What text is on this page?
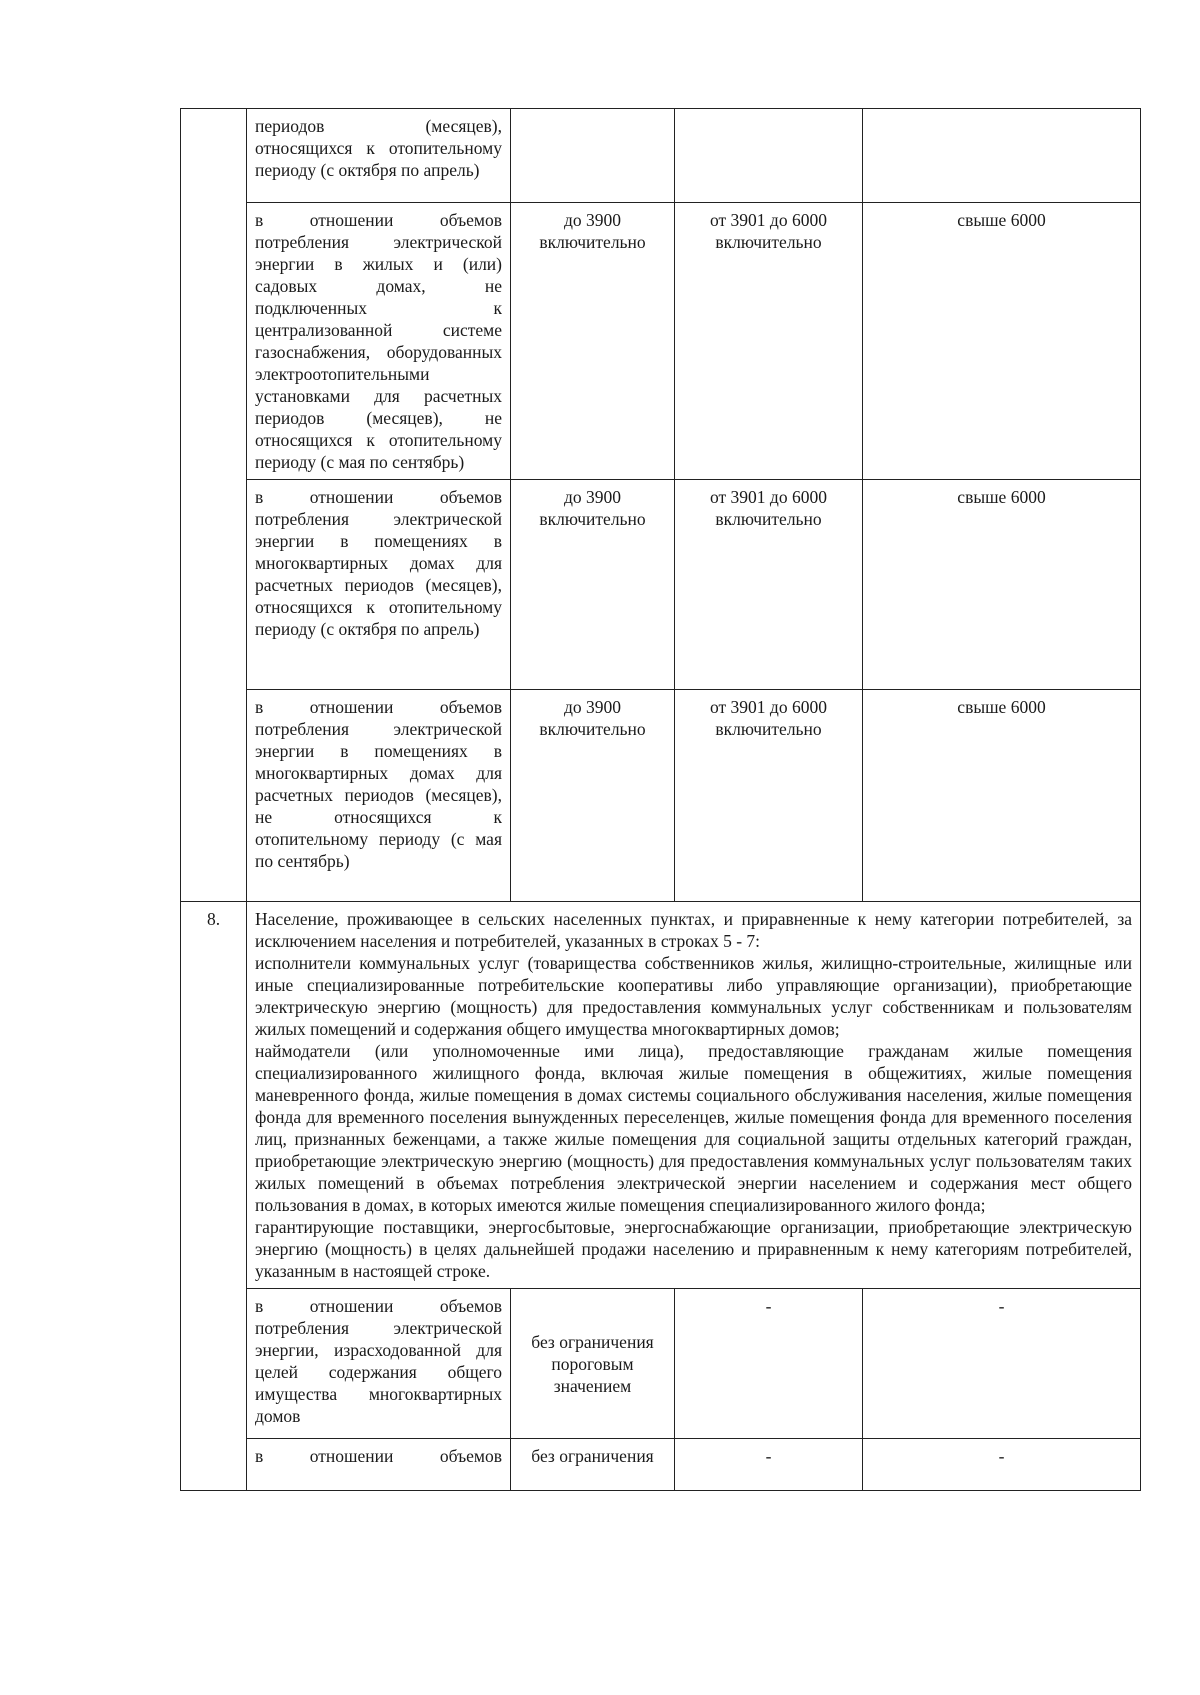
	периодов (месяцев), относящихся к отопительному периоду (с октября по апрель)			
	в отношении объемов потребления электрической энергии в жилых и (или) садовых домах, не подключенных к централизованной системе газоснабжения, оборудованных электроотопительными установками для расчетных периодов (месяцев), не относящихся к отопительному периоду (с мая по сентябрь)	до 3900 включительно	от 3901 до 6000 включительно	свыше 6000
	в отношении объемов потребления электрической энергии в помещениях в многоквартирных домах для расчетных периодов (месяцев), относящихся к отопительному периоду (с октября по апрель)	до 3900 включительно	от 3901 до 6000 включительно	свыше 6000
	в отношении объемов потребления электрической энергии в помещениях в многоквартирных домах для расчетных периодов (месяцев), не относящихся к отопительному периоду (с мая по сентябрь)	до 3900 включительно	от 3901 до 6000 включительно	свыше 6000
8.	Население, проживающее в сельских населенных пунктах, и приравненные к нему категории потребителей, за исключением населения и потребителей, указанных в строках 5 - 7:

исполнители коммунальных услуг (товарищества собственников жилья, жилищно-строительные, жилищные или иные специализированные потребительские кооперативы либо управляющие организации), приобретающие электрическую энергию (мощность) для предоставления коммунальных услуг собственникам и пользователям жилых помещений и содержания общего имущества многоквартирных домов;

наймодатели (или уполномоченные ими лица), предоставляющие гражданам жилые помещения специализированного жилищного фонда, включая жилые помещения в общежитиях, жилые помещения маневренного фонда, жилые помещения в домах системы социального обслуживания населения, жилые помещения фонда для временного поселения вынужденных переселенцев, жилые помещения фонда для временного поселения лиц, признанных беженцами, а также жилые помещения для социальной защиты отдельных категорий граждан, приобретающие электрическую энергию (мощность) для предоставления коммунальных услуг пользователям таких жилых помещений в объемах потребления электрической энергии населением и содержания мест общего пользования в домах, в которых имеются жилые помещения специализированного жилого фонда;

гарантирующие поставщики, энергосбытовые, энергоснабжающие организации, приобретающие электрическую энергию (мощность) в целях дальнейшей продажи населению и приравненным к нему категориям потребителей, указанным в настоящей строке.			

	в отношении объемов потребления электрической энергии, израсходованной для целей содержания общего имущества многоквартирных домов	без ограничения пороговым значением	-	-
	в отношении объемов	без ограничения	-	-
